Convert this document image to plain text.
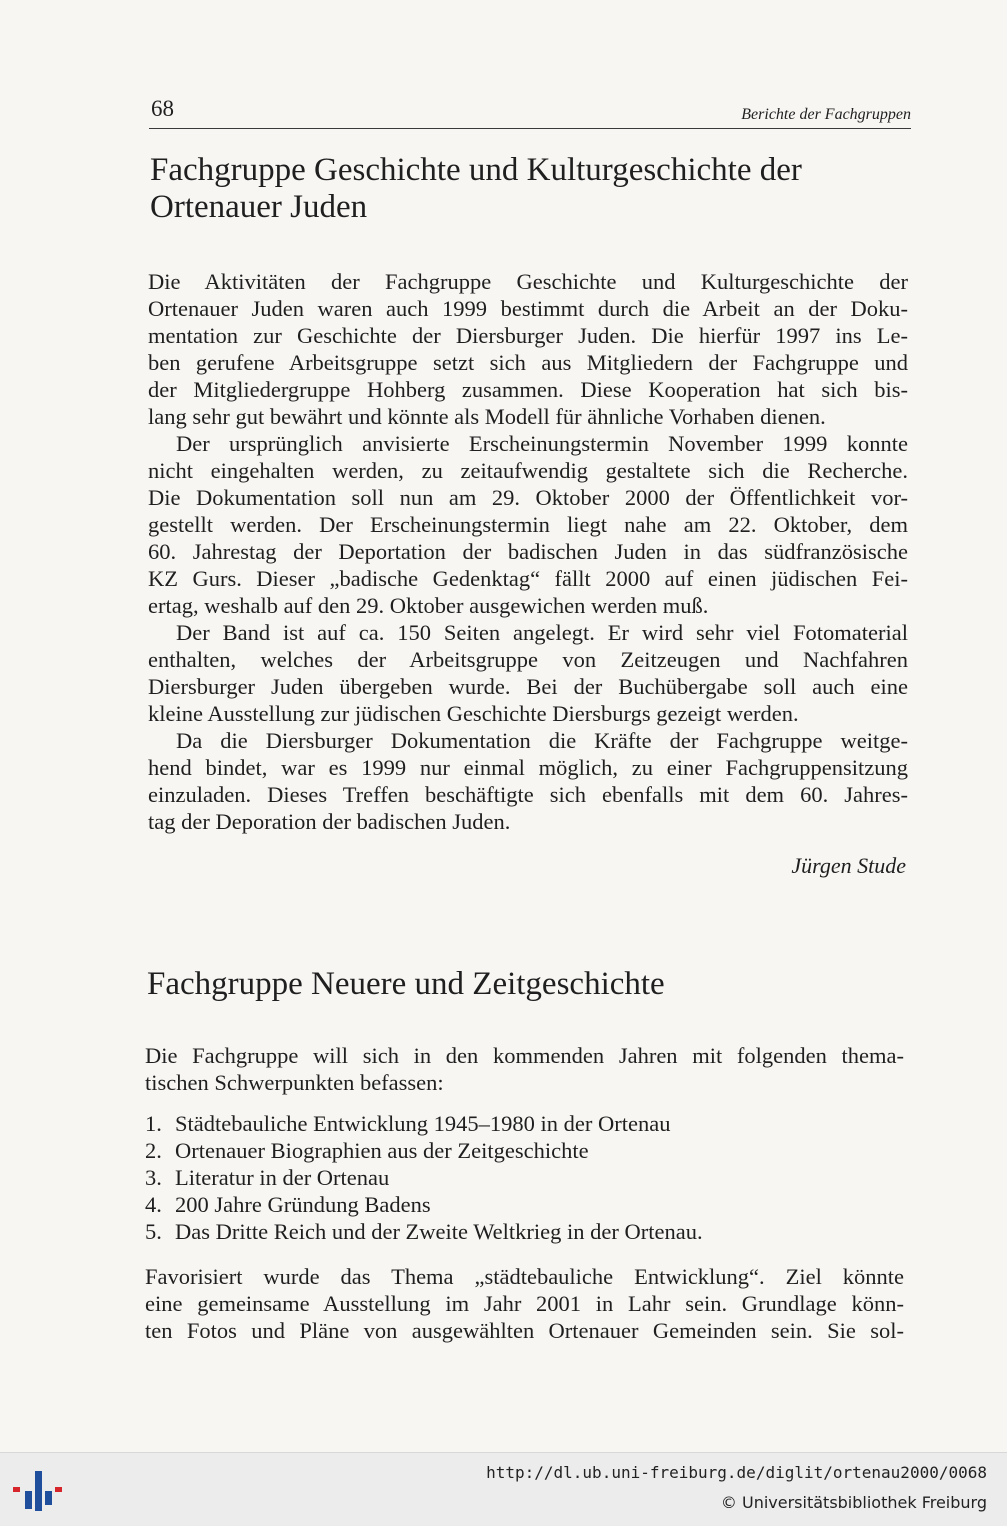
68	Berichte der Fachgruppen
Fachgruppe Geschichte und Kulturgeschichte der
Ortenauer Juden
Die Aktivitäten der Fachgruppe Geschichte und Kulturgeschichte der
Ortenauer Juden waren auch 1999 bestimmt durch die Arbeit an der Doku-
mentation zur Geschichte der Diersburger Juden. Die hierfür 1997 ins Le-
ben gerufene Arbeitsgruppe setzt sich aus Mitgliedern der Fachgruppe und
der Mitgliedergruppe Hohberg zusammen. Diese Kooperation hat sich bis-
lang sehr gut bewährt und könnte als Modell für ähnliche Vorhaben dienen.
Der ursprünglich anvisierte Erscheinungstermin November 1999 konnte
nicht eingehalten werden, zu zeitaufwendig gestaltete sich die Recherche.
Die Dokumentation soll nun am 29. Oktober 2000 der Öffentlichkeit vor-
gestellt werden. Der Erscheinungstermin liegt nahe am 22. Oktober, dem
60. Jahrestag der Deportation der badischen Juden in das südfranzösische
KZ Gurs. Dieser „badische Gedenktag“ fällt 2000 auf einen jüdischen Fei-
ertag, weshalb auf den 29. Oktober ausgewichen werden muß.
Der Band ist auf ca. 150 Seiten angelegt. Er wird sehr viel Fotomaterial
enthalten, welches der Arbeitsgruppe von Zeitzeugen und Nachfahren
Diersburger Juden übergeben wurde. Bei der Buchübergabe soll auch eine
kleine Ausstellung zur jüdischen Geschichte Diersburgs gezeigt werden.
Da die Diersburger Dokumentation die Kräfte der Fachgruppe weitge-
hend bindet, war es 1999 nur einmal möglich, zu einer Fachgruppensitzung
einzuladen. Dieses Treffen beschäftigte sich ebenfalls mit dem 60. Jahres-
tag der Deporation der badischen Juden.
Jürgen Stude
Fachgruppe Neuere und Zeitgeschichte
Die Fachgruppe will sich in den kommenden Jahren mit folgenden thema-
tischen Schwerpunkten befassen:
1. Städtebauliche Entwicklung 1945–1980 in der Ortenau
2. Ortenauer Biographien aus der Zeitgeschichte
3. Literatur in der Ortenau
4. 200 Jahre Gründung Badens
5. Das Dritte Reich und der Zweite Weltkrieg in der Ortenau.
Favorisiert wurde das Thema „städtebauliche Entwicklung“. Ziel könnte
eine gemeinsame Ausstellung im Jahr 2001 in Lahr sein. Grundlage könn-
ten Fotos und Pläne von ausgewählten Ortenauer Gemeinden sein. Sie sol-
http://dl.ub.uni-freiburg.de/diglit/ortenau2000/0068
© Universitätsbibliothek Freiburg
